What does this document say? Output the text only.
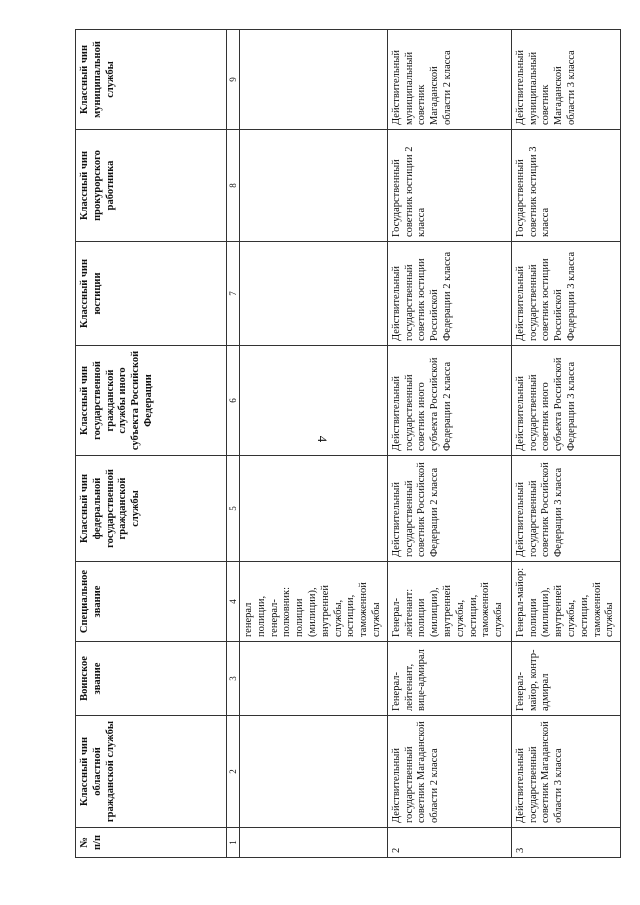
4
№ п/п	Классный чин областной гражданской службы	Воинское звание	Специальное звание	Классный чин федеральной государственной гражданской службы	Классный чин государственной гражданской службы иного субъекта Российской Федерации	Классный чин юстиции	Классный чин прокурорского работника	Классный чин муниципальной службы
1	2	3	4	5	6	7	8	9
			генерал полиции, генерал-полковник: полиции (милиции), внутренней службы, юстиции, таможенной службы					
2	Действительный государственный советник Магаданской области 2 класса	Генерал-лейтенант, вице-адмирал	Генерал-лейтенант: полиции (милиции), внутренней службы, юстиции, таможенной службы	Действительный государственный советник Российской Федерации 2 класса	Действительный государственный советник иного субъекта Российской Федерации 2 класса	Действительный государственный советник юстиции Российской Федерации 2 класса	Государственный советник юстиции 2 класса	Действительный муниципальный советник Магаданской области 2 класса
3	Действительный государственный советник Магаданской области 3 класса	Генерал-майор, контр-адмирал	Генерал-майор: полиции (милиции), внутренней службы, юстиции, таможенной службы	Действительный государственный советник Российской Федерации 3 класса	Действительный государственный советник иного субъекта Российской Федерации 3 класса	Действительный государственный советник юстиции Российской Федерации 3 класса	Государственный советник юстиции 3 класса	Действительный муниципальный советник Магаданской области 3 класса
